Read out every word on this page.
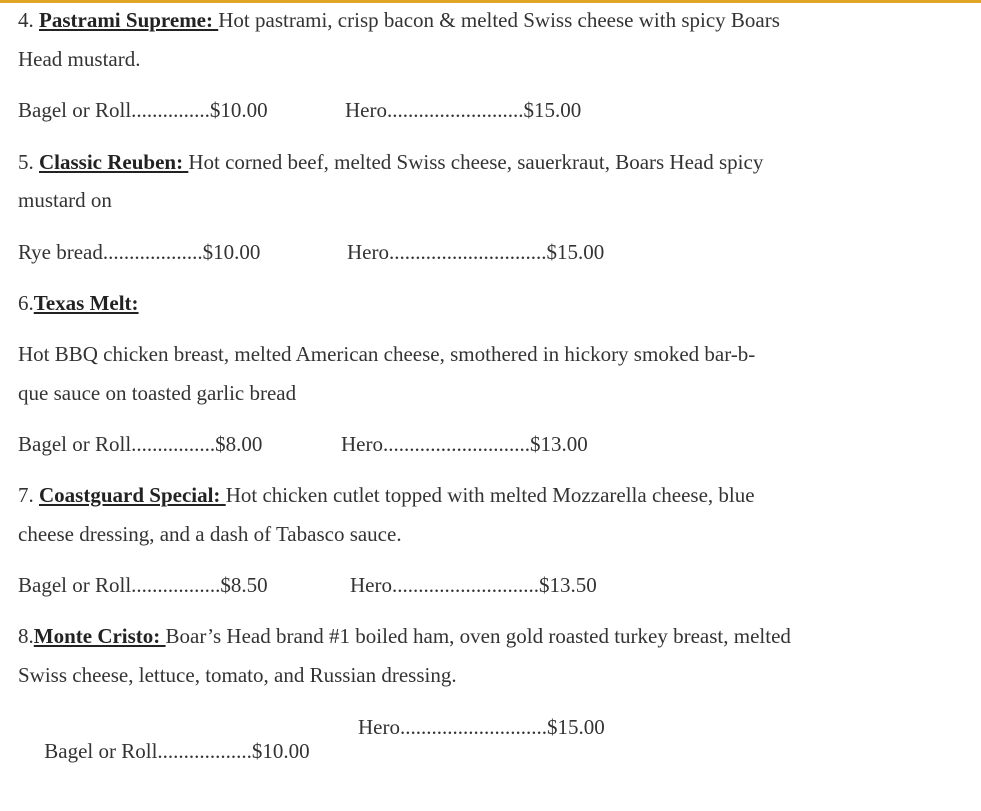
4. Pastrami Supreme: Hot pastrami, crisp bacon & melted Swiss cheese with spicy Boars
Head mustard.
Bagel or Roll...............$10.00	Hero..........................$15.00
5. Classic Reuben: Hot corned beef, melted Swiss cheese, sauerkraut, Boars Head spicy
mustard on
Rye bread...................$10.00	Hero..............................$15.00
6.Texas Melt:
Hot BBQ chicken breast, melted American cheese, smothered in hickory smoked bar-b-
que sauce on toasted garlic bread
Bagel or Roll................$8.00	Hero............................$13.00
7. Coastguard Special: Hot chicken cutlet topped with melted Mozzarella cheese, blue
cheese dressing, and a dash of Tabasco sauce.
Bagel or Roll.................$8.50	Hero............................$13.50
8.Monte Cristo: Boar’s Head brand #1 boiled ham, oven gold roasted turkey breast, melted
Swiss cheese, lettuce, tomato, and Russian dressing.

Bagel or Roll..................$10.00

Hero............................$15.00
